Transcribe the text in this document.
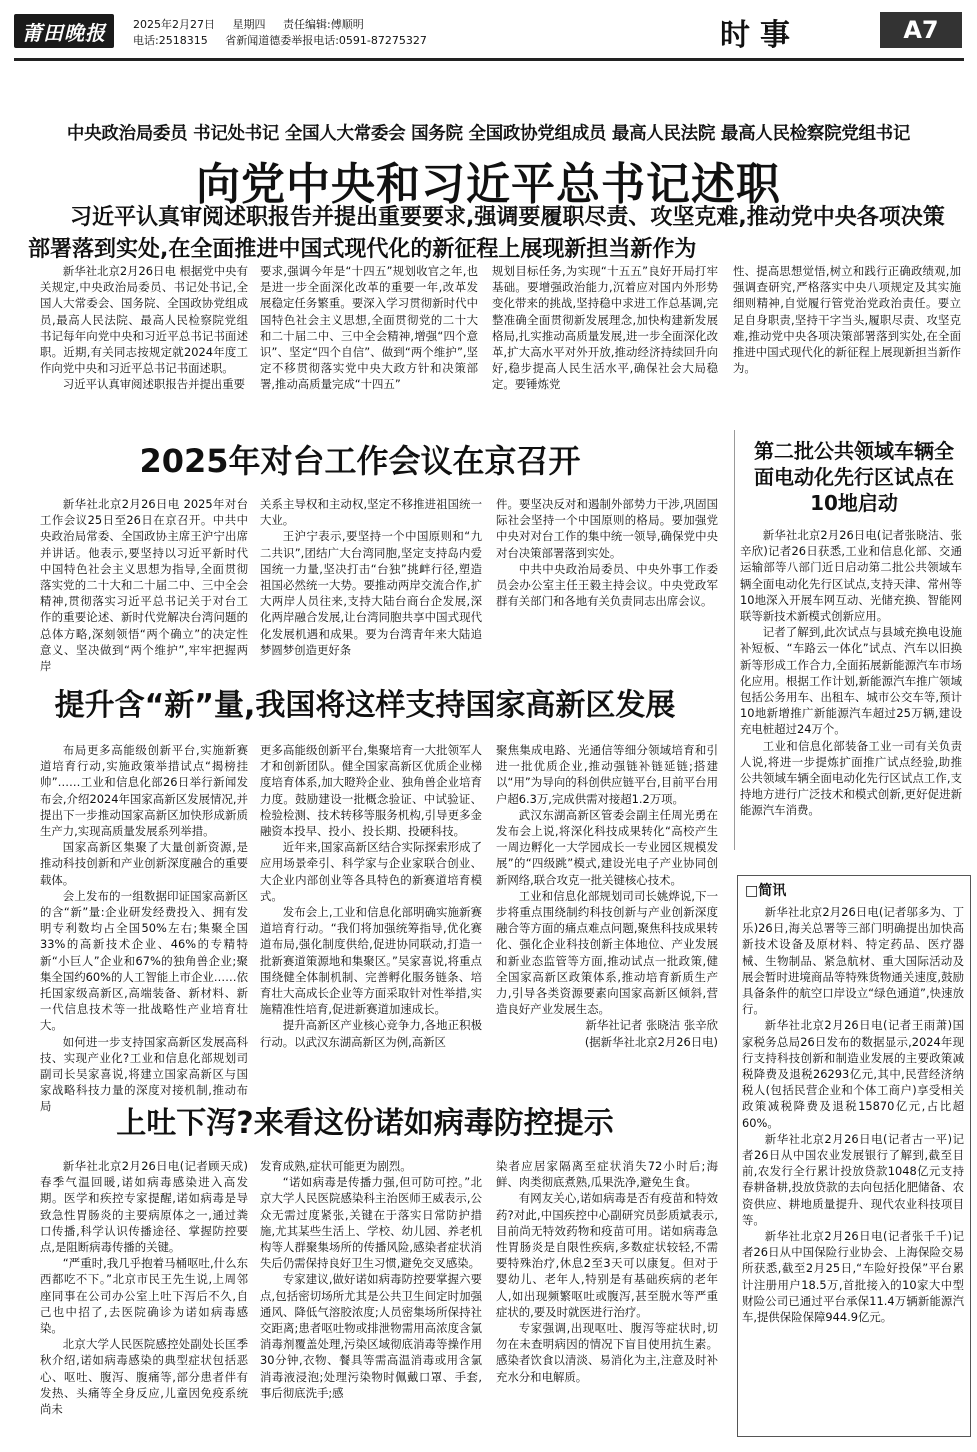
莆田晚报	2025年2月27日 星期四 责任编辑:傅顺明
电话:2518315 省新闻道德委举报电话:0591-87275327	时事	A7
中央政治局委员 书记处书记 全国人大常委会 国务院 全国政协党组成员 最高人民法院 最高人民检察院党组书记
向党中央和习近平总书记述职
习近平认真审阅述职报告并提出重要要求,强调要履职尽责、攻坚克难,推动党中央各项决策部署落到实处,在全面推进中国式现代化的新征程上展现新担当新作为

新华社北京2月26日电 根据党中央有关规定,中央政治局委员、书记处书记,全国人大常委会、国务院、全国政协党组成员,最高人民法院、最高人民检察院党组书记每年向党中央和习近平总书记书面述职。近期,有关同志按规定就2024年度工作向党中央和习近平总书记书面述职。

习近平认真审阅述职报告并提出重要

要求,强调今年是“十四五”规划收官之年,也是进一步全面深化改革的重要一年,改革发展稳定任务繁重。要深入学习贯彻新时代中国特色社会主义思想,全面贯彻党的二十大和二十届二中、三中全会精神,增强“四个意识”、坚定“四个自信”、做到“两个维护”,坚定不移贯彻落实党中央大政方针和决策部署,推动高质量完成“十四五”

规划目标任务,为实现“十五五”良好开局打牢基础。要增强政治能力,沉着应对国内外形势变化带来的挑战,坚持稳中求进工作总基调,完整准确全面贯彻新发展理念,加快构建新发展格局,扎实推动高质量发展,进一步全面深化改革,扩大高水平对外开放,推动经济持续回升向好,稳步提高人民生活水平,确保社会大局稳定。要锤炼党

性、提高思想觉悟,树立和践行正确政绩观,加强调查研究,严格落实中央八项规定及其实施细则精神,自觉履行管党治党政治责任。要立足自身职责,坚持干字当头,履职尽责、攻坚克难,推动党中央各项决策部署落到实处,在全面推进中国式现代化的新征程上展现新担当新作为。

2025年对台工作会议在京召开

新华社北京2月26日电 2025年对台工作会议25日至26日在京召开。中共中央政治局常委、全国政协主席王沪宁出席并讲话。他表示,要坚持以习近平新时代中国特色社会主义思想为指导,全面贯彻落实党的二十大和二十届二中、三中全会精神,贯彻落实习近平总书记关于对台工作的重要论述、新时代党解决台湾问题的总体方略,深刻领悟“两个确立”的决定性意义、坚决做到“两个维护”,牢牢把握两岸

关系主导权和主动权,坚定不移推进祖国统一大业。

王沪宁表示,要坚持一个中国原则和“九二共识”,团结广大台湾同胞,坚定支持岛内爱国统一力量,坚决打击“台独”挑衅行径,塑造祖国必然统一大势。要推动两岸交流合作,扩大两岸人员往来,支持大陆台商台企发展,深化两岸融合发展,让台湾同胞共享中国式现代化发展机遇和成果。要为台湾青年来大陆追梦圆梦创造更好条

件。要坚决反对和遏制外部势力干涉,巩固国际社会坚持一个中国原则的格局。要加强党中央对对台工作的集中统一领导,确保党中央对台决策部署落到实处。

中共中央政治局委员、中央外事工作委员会办公室主任王毅主持会议。中央党政军群有关部门和各地有关负责同志出席会议。

第二批公共领域车辆全面电动化先行区试点在10地启动

新华社北京2月26日电(记者张晓洁、张辛欣)记者26日获悉,工业和信息化部、交通运输部等八部门近日启动第二批公共领域车辆全面电动化先行区试点,支持天津、常州等10地深入开展车网互动、光储充换、智能网联等新技术新模式创新应用。

记者了解到,此次试点与县域充换电设施补短板、“车路云一体化”试点、汽车以旧换新等形成工作合力,全面拓展新能源汽车市场化应用。根据工作计划,新能源汽车推广领域包括公务用车、出租车、城市公交车等,预计10地新增推广新能源汽车超过25万辆,建设充电桩超过24万个。

工业和信息化部装备工业一司有关负责人说,将进一步提炼扩面推广试点经验,助推公共领域车辆全面电动化先行区试点工作,支持地方进行广泛技术和模式创新,更好促进新能源汽车消费。

提升含“新”量,我国将这样支持国家高新区发展

布局更多高能级创新平台,实施新赛道培育行动,实施政策举措试点“揭榜挂帅”……工业和信息化部26日举行新闻发布会,介绍2024年国家高新区发展情况,并提出下一步推动国家高新区加快形成新质生产力,实现高质量发展系列举措。

国家高新区集聚了大量创新资源,是推动科技创新和产业创新深度融合的重要载体。

会上发布的一组数据印证国家高新区的含“新”量:企业研发经费投入、拥有发明专利数均占全国50%左右;集聚全国33%的高新技术企业、46%的专精特新“小巨人”企业和67%的独角兽企业;聚集全国约60%的人工智能上市企业……依托国家级高新区,高端装备、新材料、新一代信息技术等一批战略性产业培育壮大。

如何进一步支持国家高新区发展高科技、实现产业化?工业和信息化部规划司副司长吴家喜说,将建立国家高新区与国家战略科技力量的深度对接机制,推动布局

更多高能级创新平台,集聚培育一大批领军人才和创新团队。健全国家高新区优质企业梯度培育体系,加大瞪羚企业、独角兽企业培育力度。鼓励建设一批概念验证、中试验证、检验检测、技术转移等服务机构,引导更多金融资本投早、投小、投长期、投硬科技。

近年来,国家高新区结合实际探索形成了应用场景牵引、科学家与企业家联合创业、大企业内部创业等各具特色的新赛道培育模式。

发布会上,工业和信息化部明确实施新赛道培育行动。“我们将加强统筹指导,优化赛道布局,强化制度供给,促进协同联动,打造一批新赛道策源地和集聚区。”吴家喜说,将重点围绕健全体制机制、完善孵化服务链条、培育壮大高成长企业等方面采取针对性举措,实施精准性培育,促进新赛道加速成长。

提升高新区产业核心竞争力,各地正积极行动。以武汉东湖高新区为例,高新区

聚焦集成电路、光通信等细分领域培育和引进一批优质企业,推动强链补链延链;搭建以“用”为导向的科创供应链平台,目前平台用户超6.3万,完成供需对接超1.2万项。

武汉东湖高新区管委会副主任周光勇在发布会上说,将深化科技成果转化“高校产生一周边孵化一大学园成长一专业园区规模发展”的“四级跳”模式,建设光电子产业协同创新网络,联合攻克一批关键核心技术。

工业和信息化部规划司司长姚烨说,下一步将重点围绕制约科技创新与产业创新深度融合等方面的痛点难点问题,聚焦科技成果转化、强化企业科技创新主体地位、产业发展和新业态监管等方面,推动试点一批政策,健全国家高新区政策体系,推动培育新质生产力,引导各类资源要素向国家高新区倾斜,营造良好产业发展生态。

新华社记者 张晓洁 张辛欣

(据新华社北京2月26日电)

上吐下泻?来看这份诺如病毒防控提示

新华社北京2月26日电(记者顾天成)春季气温回暖,诺如病毒感染进入高发期。医学和疾控专家提醒,诺如病毒是导致急性胃肠炎的主要病原体之一,通过粪口传播,科学认识传播途径、掌握防控要点,是阻断病毒传播的关键。

“严重时,我几乎抱着马桶呕吐,什么东西都吃不下。”北京市民王先生说,上周邻座同事在公司办公室上吐下泻后不久,自己也中招了,去医院确诊为诺如病毒感染。

北京大学人民医院感控处副处长匡季秋介绍,诺如病毒感染的典型症状包括恶心、呕吐、腹泻、腹痛等,部分患者伴有发热、头痛等全身反应,儿童因免疫系统尚未

发育成熟,症状可能更为剧烈。

“诺如病毒是传播力强,但可防可控。”北京大学人民医院感染科主治医师王威表示,公众无需过度紧张,关键在于落实日常防护措施,尤其某些生活上、学校、幼儿园、养老机构等人群聚集场所的传播风险,感染者症状消失后仍需保持良好卫生习惯,避免交叉感染。

专家建议,做好诺如病毒防控要掌握六要点,包括密切场所尤其是公共卫生间定时加强通风、降低气溶胶浓度;人员密集场所保持社交距离;患者呕吐物或排泄物需用高浓度含氯消毒剂覆盖处理,污染区域彻底消毒等操作用30分钟,衣物、餐具等需高温消毒或用含氯消毒液浸泡;处理污染物时佩戴口罩、手套,事后彻底洗手;感

染者应居家隔离至症状消失72小时后;海鲜、肉类彻底煮熟,瓜果洗净,避免生食。

有网友关心,诺如病毒是否有疫苗和特效药?对此,中国疾控中心副研究员彭质斌表示,目前尚无特效药物和疫苗可用。诺如病毒急性胃肠炎是自限性疾病,多数症状较轻,不需要特殊治疗,休息2至3天可以康复。但对于婴幼儿、老年人,特别是有基础疾病的老年人,如出现频繁呕吐或腹泻,甚至脱水等严重症状的,要及时就医进行治疗。

专家强调,出现呕吐、腹泻等症状时,切勿在未查明病因的情况下盲目使用抗生素。感染者饮食以清淡、易消化为主,注意及时补充水分和电解质。

□简讯

新华社北京2月26日电(记者邬多为、丁乐)26日,海关总署等三部门明确提出加快高新技术设备及原材料、特定药品、医疗器械、生物制品、紧急航材、重大国际活动及展会暂时进境商品等特殊货物通关速度,鼓励具备条件的航空口岸设立“绿色通道”,快速放行。

新华社北京2月26日电(记者王雨萧)国家税务总局26日发布的数据显示,2024年现行支持科技创新和制造业发展的主要政策减税降费及退税26293亿元,其中,民营经济纳税人(包括民营企业和个体工商户)享受相关政策减税降费及退税15870亿元,占比超60%。

新华社北京2月26日电(记者古一平)记者26日从中国农业发展银行了解到,截至目前,农发行全行累计投放贷款1048亿元支持春耕备耕,投放贷款的去向包括化肥储备、农资供应、耕地质量提升、现代农业科技项目等。

新华社北京2月26日电(记者张千千)记者26日从中国保险行业协会、上海保险交易所获悉,截至2月25日,“车险好投保”平台累计注册用户18.5万,首批接入的10家大中型财险公司已通过平台承保11.4万辆新能源汽车,提供保险保障944.9亿元。
